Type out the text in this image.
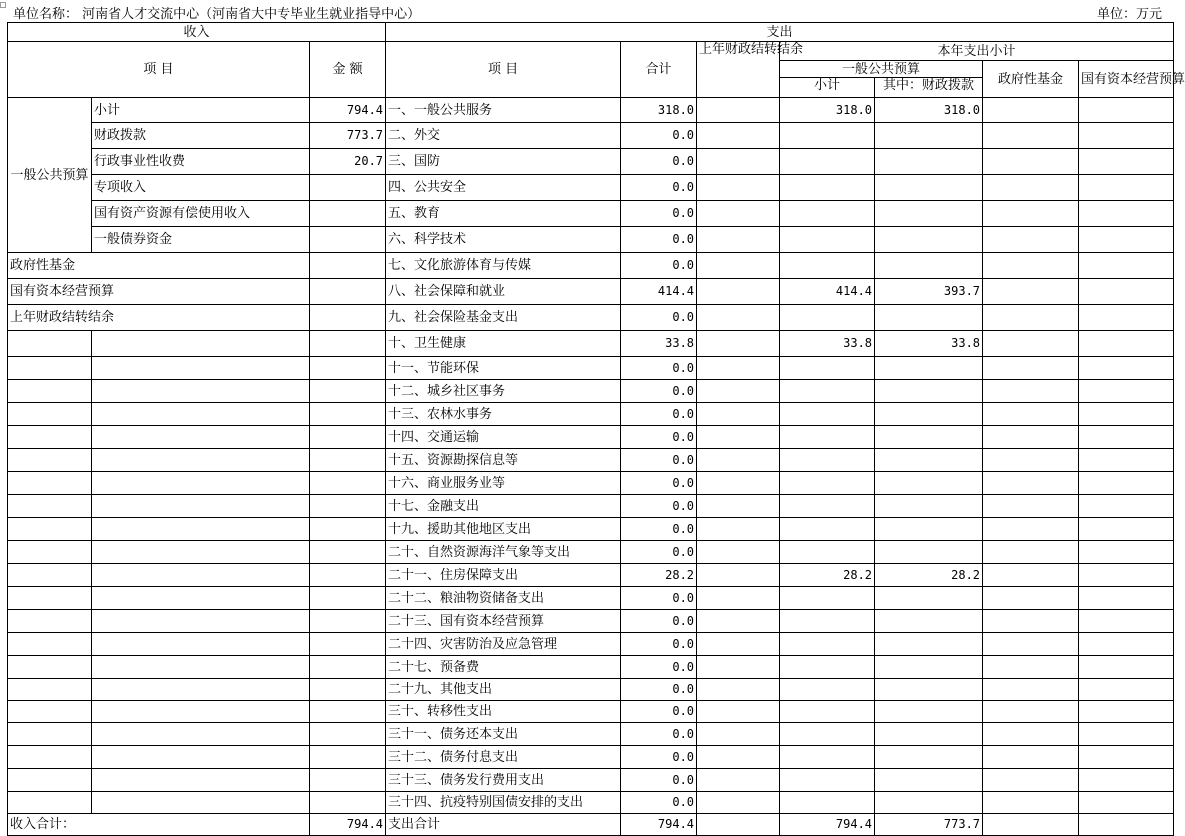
单位名称： 河南省人才交流中心（河南省大中专毕业生就业指导中心）	单位：万元
收入			支出						
项 目		金 额	项 目	合计	上年财政结转结余	本年支出小计			
						一般公共预算		政府性基金	国有资本经营预算
						小计	其中：财政拨款		
一般公共预算	小计	794.4	一、一般公共服务	318.0		318.0	318.0		
	财政拨款	773.7	二、外交	0.0					
	行政事业性收费	20.7	三、国防	0.0					
	专项收入		四、公共安全	0.0					
	国有资产资源有偿使用收入		五、教育	0.0					
	一般债券资金		六、科学技术	0.0					
政府性基金			七、文化旅游体育与传媒	0.0					
国有资本经营预算			八、社会保障和就业	414.4		414.4	393.7		
上年财政结转结余			九、社会保险基金支出	0.0					
			十、卫生健康	33.8		33.8	33.8		
			十一、节能环保	0.0					
			十二、城乡社区事务	0.0					
			十三、农林水事务	0.0					
			十四、交通运输	0.0					
			十五、资源勘探信息等	0.0					
			十六、商业服务业等	0.0					
			十七、金融支出	0.0					
			十九、援助其他地区支出	0.0					
			二十、自然资源海洋气象等支出	0.0					
			二十一、住房保障支出	28.2		28.2	28.2		
			二十二、粮油物资储备支出	0.0					
			二十三、国有资本经营预算	0.0					
			二十四、灾害防治及应急管理	0.0					
			二十七、预备费	0.0					
			二十九、其他支出	0.0					
			三十、转移性支出	0.0					
			三十一、债务还本支出	0.0					
			三十二、债务付息支出	0.0					
			三十三、债务发行费用支出	0.0					
			三十四、抗疫特别国债安排的支出	0.0					
收入合计：		794.4	支出合计	794.4		794.4	773.7		
